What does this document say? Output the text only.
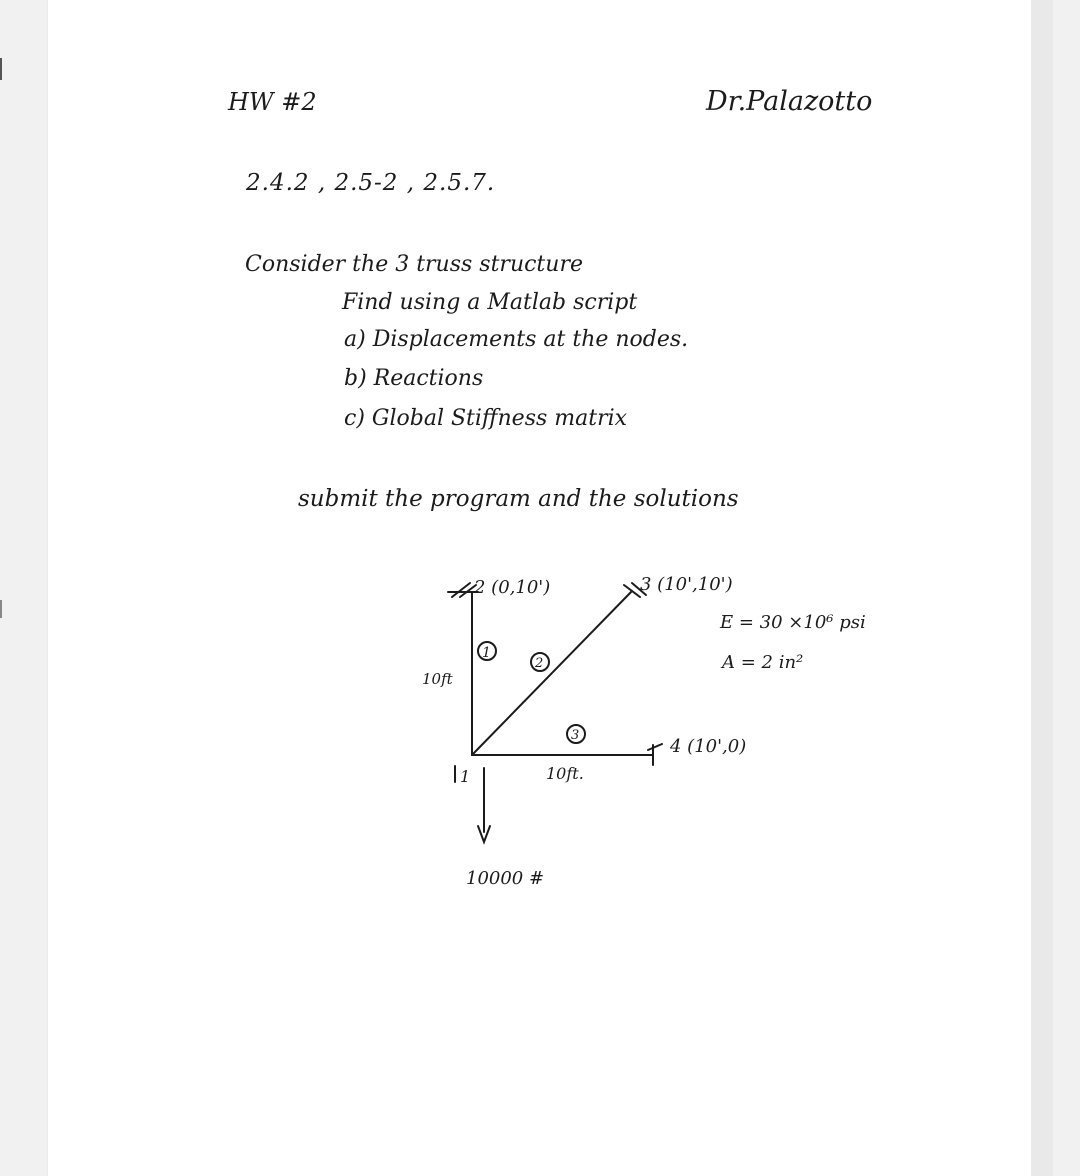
HW #2	Dr.Palazotto
2.4.2 , 2.5-2 , 2.5.7.
Consider the 3 truss structure
Find using a Matlab script
a) Displacements at the nodes.
b) Reactions
c) Global Stiffness matrix
submit the program and the solutions
1
2
3
2 (0,10')	3 (10',10')
4 (10',0)
1
10ft
10ft.
10000 #
E = 30 ×10⁶ psi
A = 2 in²
